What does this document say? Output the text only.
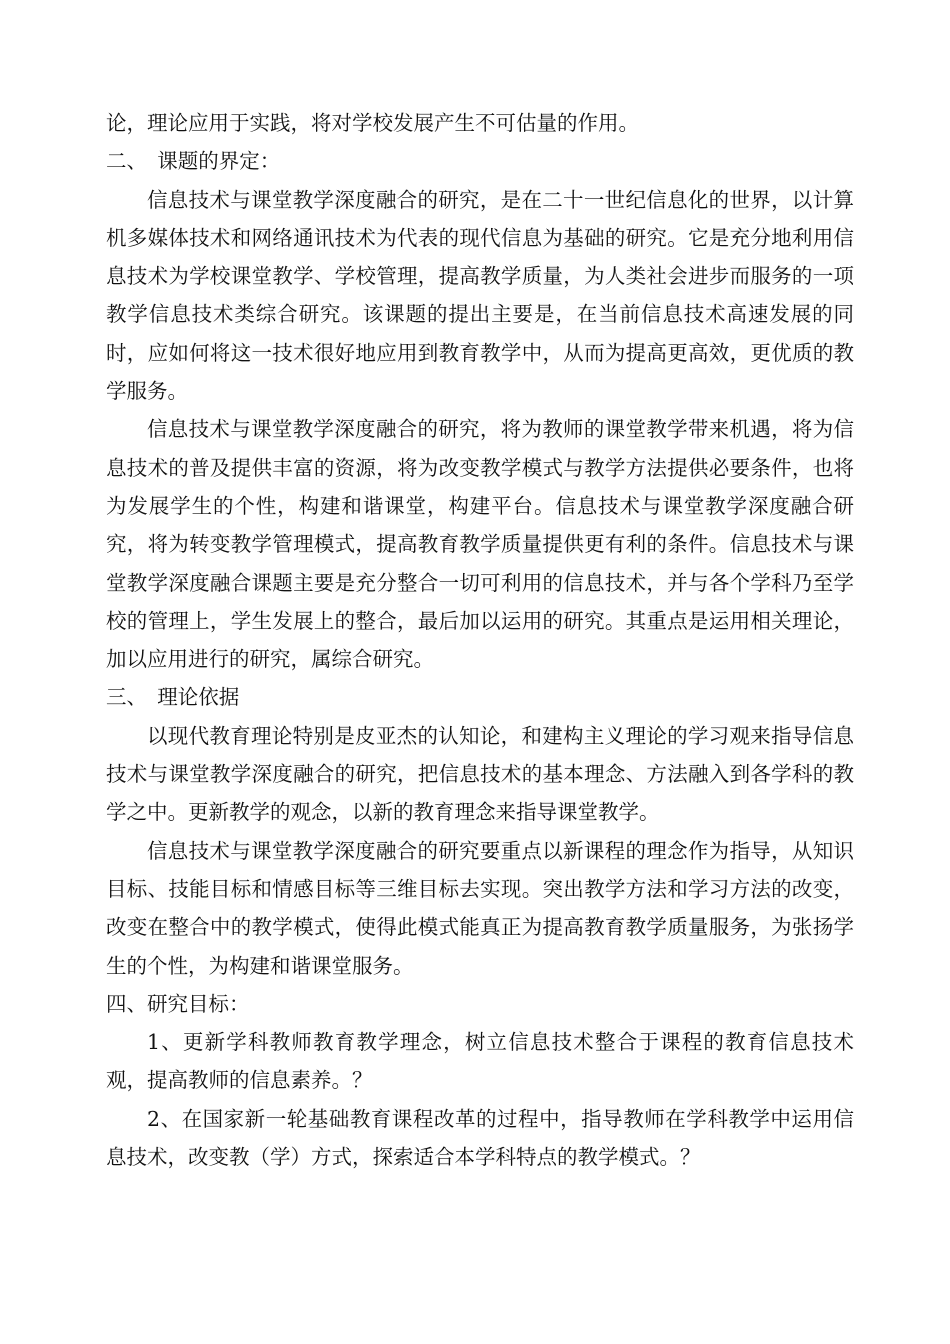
论，理论应用于实践，将对学校发展产生不可估量的作用。

二、　课题的界定：

信息技术与课堂教学深度融合的研究，是在二十一世纪信息化的世界，以计算机多媒体技术和网络通讯技术为代表的现代信息为基础的研究。它是充分地利用信息技术为学校课堂教学、学校管理，提高教学质量，为人类社会进步而服务的一项教学信息技术类综合研究。该课题的提出主要是，在当前信息技术高速发展的同时，应如何将这一技术很好地应用到教育教学中，从而为提高更高效，更优质的教学服务。

信息技术与课堂教学深度融合的研究，将为教师的课堂教学带来机遇，将为信息技术的普及提供丰富的资源，将为改变教学模式与教学方法提供必要条件，也将为发展学生的个性，构建和谐课堂，构建平台。信息技术与课堂教学深度融合研究，将为转变教学管理模式，提高教育教学质量提供更有利的条件。信息技术与课堂教学深度融合课题主要是充分整合一切可利用的信息技术，并与各个学科乃至学校的管理上，学生发展上的整合，最后加以运用的研究。其重点是运用相关理论，加以应用进行的研究，属综合研究。

三、　理论依据

以现代教育理论特别是皮亚杰的认知论，和建构主义理论的学习观来指导信息技术与课堂教学深度融合的研究，把信息技术的基本理念、方法融入到各学科的教学之中。更新教学的观念，以新的教育理念来指导课堂教学。

信息技术与课堂教学深度融合的研究要重点以新课程的理念作为指导，从知识目标、技能目标和情感目标等三维目标去实现。突出教学方法和学习方法的改变，改变在整合中的教学模式，使得此模式能真正为提高教育教学质量服务，为张扬学生的个性，为构建和谐课堂服务。

四、研究目标：

1、更新学科教师教育教学理念，树立信息技术整合于课程的教育信息技术观，提高教师的信息素养。？

2、在国家新一轮基础教育课程改革的过程中，指导教师在学科教学中运用信息技术，改变教（学）方式，探索适合本学科特点的教学模式。？
